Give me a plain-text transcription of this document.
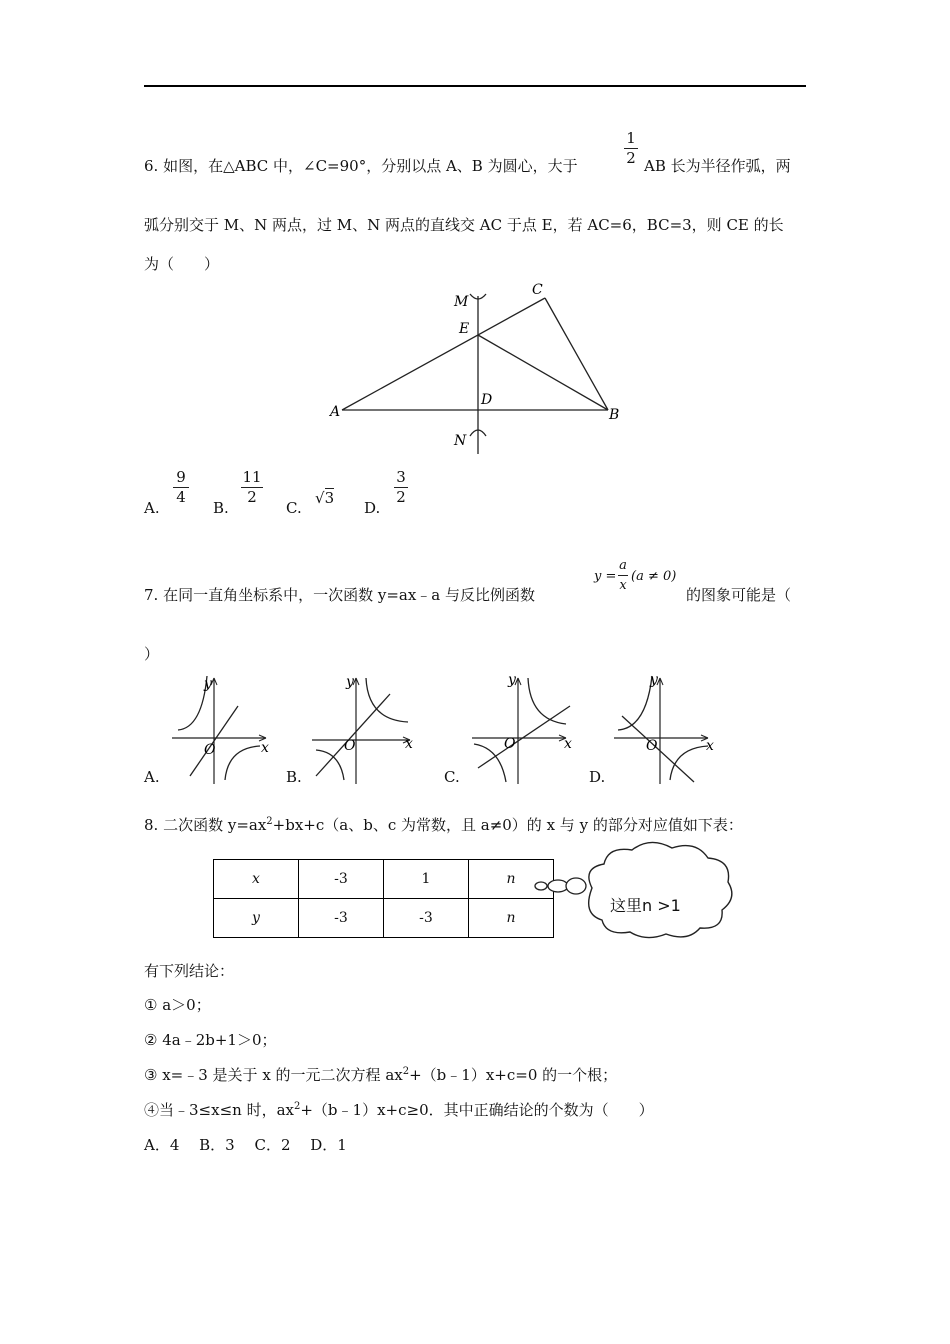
6. 如图，在△ABC 中，∠C=90°，分别以点 A、B 为圆心，大于
1
2 AB 长为半径作弧，两
弧分别交于 M、N 两点，过 M、N 两点的直线交 AC 于点 E，若 AC=6，BC=3，则 CE 的长
为（　　）
M
E
C
D
A	B
N
A.
9
4
B.
11
2
C.
√3
D.
3
2
7. 在同一直角坐标系中，一次函数 y=ax﹣a 与反比例函数
y =
a
x
(a ≠ 0)
的图象可能是（
）
A.
x
y
O
B.
x
y
O
C.
x
y
O
D.
x
y
O
8. 二次函数 $y=ax^2+bx+c(a$、b、c 为常数，且 a≠0）的 x 与 y 的部分对应值如下表：
x	-3	1	n
y	-3	-3	n
这里n >1
有下列结论：
① a＞0；
② 4a﹣2b+1＞0；
③ x=﹣3 是关于 x 的一元二次方程 $ax^2+(b﹣1)x+c=0$ 的一个根；
④当﹣3≤x≤n 时，$ax^2+(b﹣1)x+c\ge 0$．其中正确结论的个数为（　　）
A．4　 B．3　 C．2　 D．1
